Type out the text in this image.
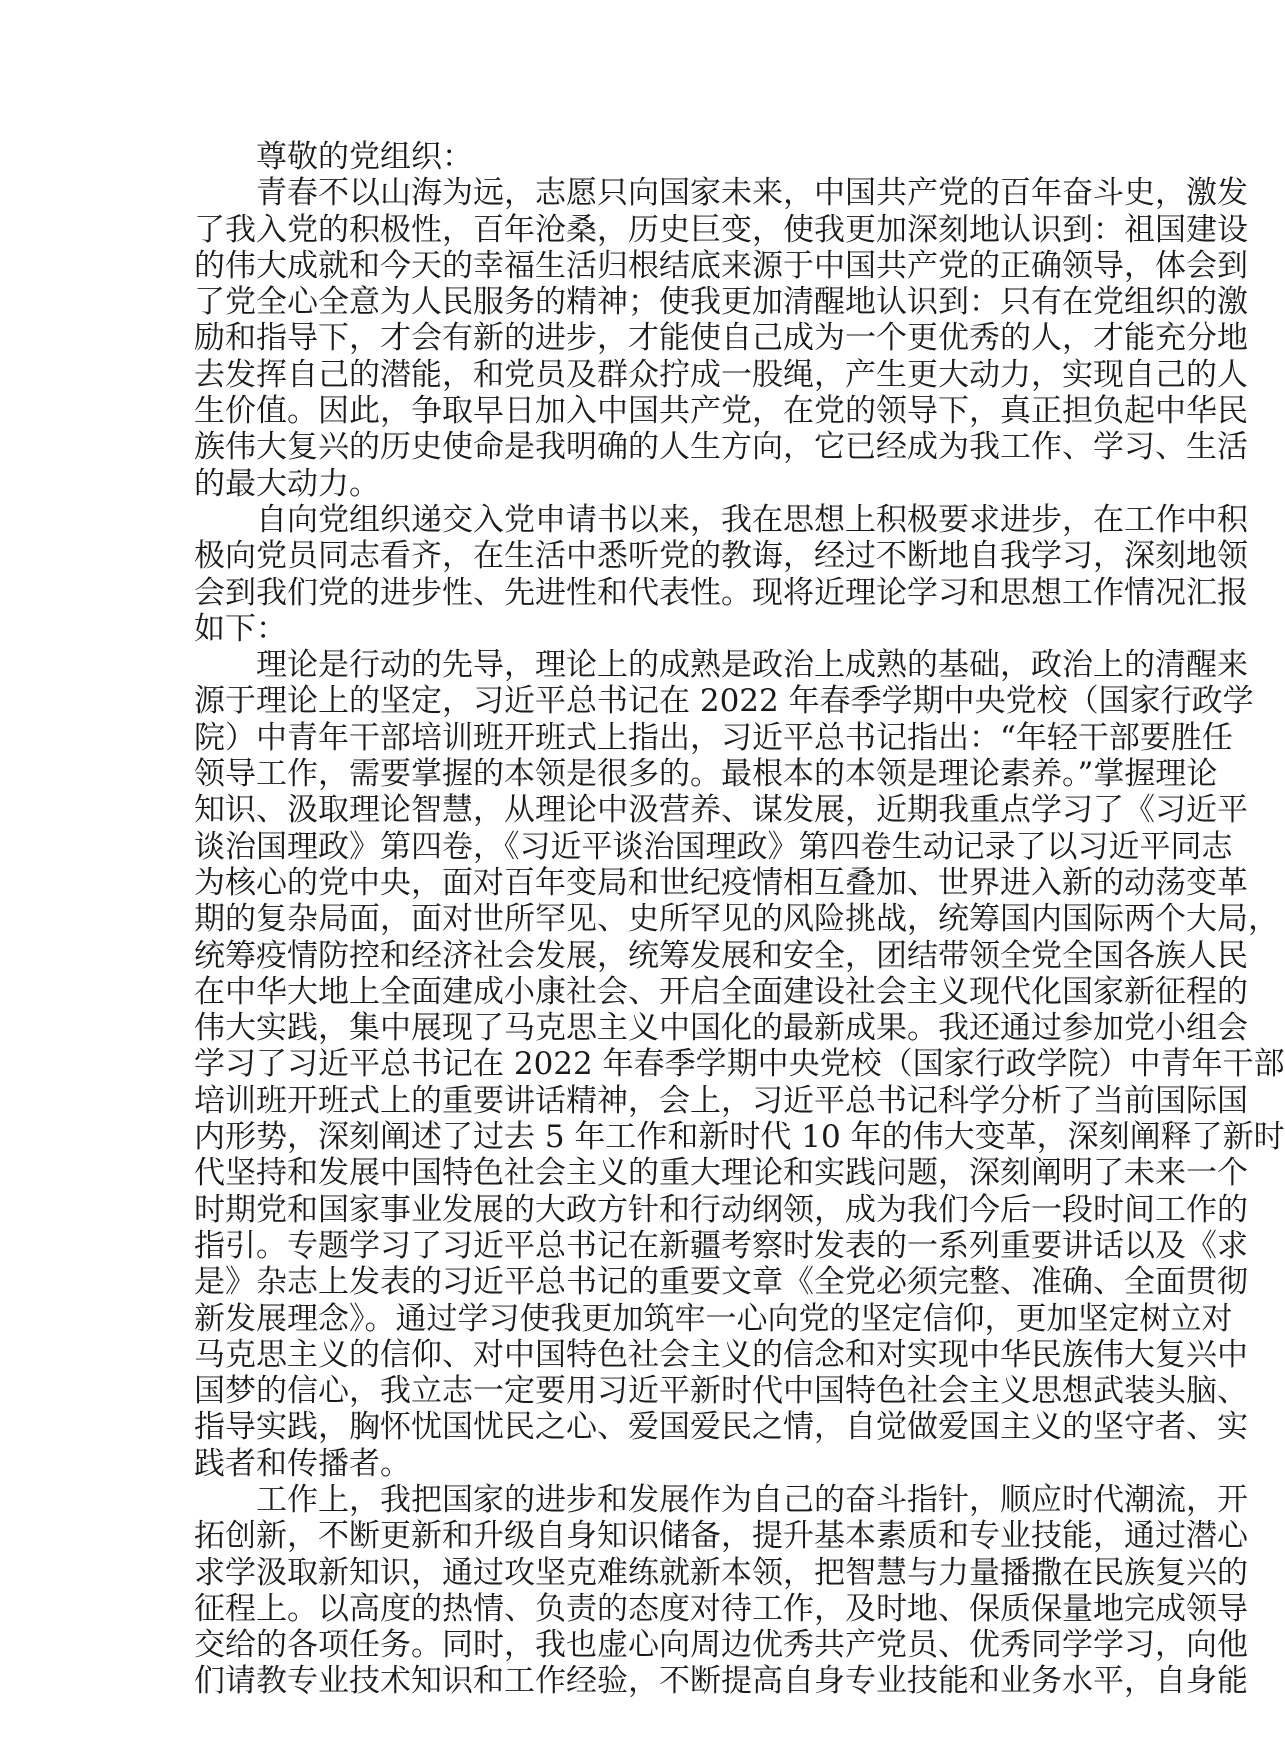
尊敬的党组织：
青春不以山海为远，志愿只向国家未来，中国共产党的百年奋斗史，激发
了我入党的积极性，百年沧桑，历史巨变，使我更加深刻地认识到：祖国建设
的伟大成就和今天的幸福生活归根结底来源于中国共产党的正确领导，体会到
了党全心全意为人民服务的精神；使我更加清醒地认识到：只有在党组织的激
励和指导下，才会有新的进步，才能使自己成为一个更优秀的人，才能充分地
去发挥自己的潜能，和党员及群众拧成一股绳，产生更大动力，实现自己的人
生价值。因此，争取早日加入中国共产党，在党的领导下，真正担负起中华民
族伟大复兴的历史使命是我明确的人生方向，它已经成为我工作、学习、生活
的最大动力。
自向党组织递交入党申请书以来，我在思想上积极要求进步，在工作中积
极向党员同志看齐，在生活中悉听党的教诲，经过不断地自我学习，深刻地领
会到我们党的进步性、先进性和代表性。现将近理论学习和思想工作情况汇报
如下：
理论是行动的先导，理论上的成熟是政治上成熟的基础，政治上的清醒来
源于理论上的坚定，习近平总书记在 2022 年春季学期中央党校（国家行政学
院）中青年干部培训班开班式上指出，习近平总书记指出：“年轻干部要胜任
领导工作，需要掌握的本领是很多的。最根本的本领是理论素养。”掌握理论
知识、汲取理论智慧，从理论中汲营养、谋发展，近期我重点学习了《习近平
谈治国理政》第四卷，《习近平谈治国理政》第四卷生动记录了以习近平同志
为核心的党中央，面对百年变局和世纪疫情相互叠加、世界进入新的动荡变革
期的复杂局面，面对世所罕见、史所罕见的风险挑战，统筹国内国际两个大局，
统筹疫情防控和经济社会发展，统筹发展和安全，团结带领全党全国各族人民
在中华大地上全面建成小康社会、开启全面建设社会主义现代化国家新征程的
伟大实践，集中展现了马克思主义中国化的最新成果。我还通过参加党小组会
学习了习近平总书记在 2022 年春季学期中央党校（国家行政学院）中青年干部
培训班开班式上的重要讲话精神，会上，习近平总书记科学分析了当前国际国
内形势，深刻阐述了过去 5 年工作和新时代 10 年的伟大变革，深刻阐释了新时
代坚持和发展中国特色社会主义的重大理论和实践问题，深刻阐明了未来一个
时期党和国家事业发展的大政方针和行动纲领，成为我们今后一段时间工作的
指引。专题学习了习近平总书记在新疆考察时发表的一系列重要讲话以及《求
是》杂志上发表的习近平总书记的重要文章《全党必须完整、准确、全面贯彻
新发展理念》。通过学习使我更加筑牢一心向党的坚定信仰，更加坚定树立对
马克思主义的信仰、对中国特色社会主义的信念和对实现中华民族伟大复兴中
国梦的信心，我立志一定要用习近平新时代中国特色社会主义思想武装头脑、
指导实践，胸怀忧国忧民之心、爱国爱民之情，自觉做爱国主义的坚守者、实
践者和传播者。
工作上，我把国家的进步和发展作为自己的奋斗指针，顺应时代潮流，开
拓创新，不断更新和升级自身知识储备，提升基本素质和专业技能，通过潜心
求学汲取新知识，通过攻坚克难练就新本领，把智慧与力量播撒在民族复兴的
征程上。以高度的热情、负责的态度对待工作，及时地、保质保量地完成领导
交给的各项任务。同时，我也虚心向周边优秀共产党员、优秀同学学习，向他
们请教专业技术知识和工作经验，不断提高自身专业技能和业务水平，自身能
